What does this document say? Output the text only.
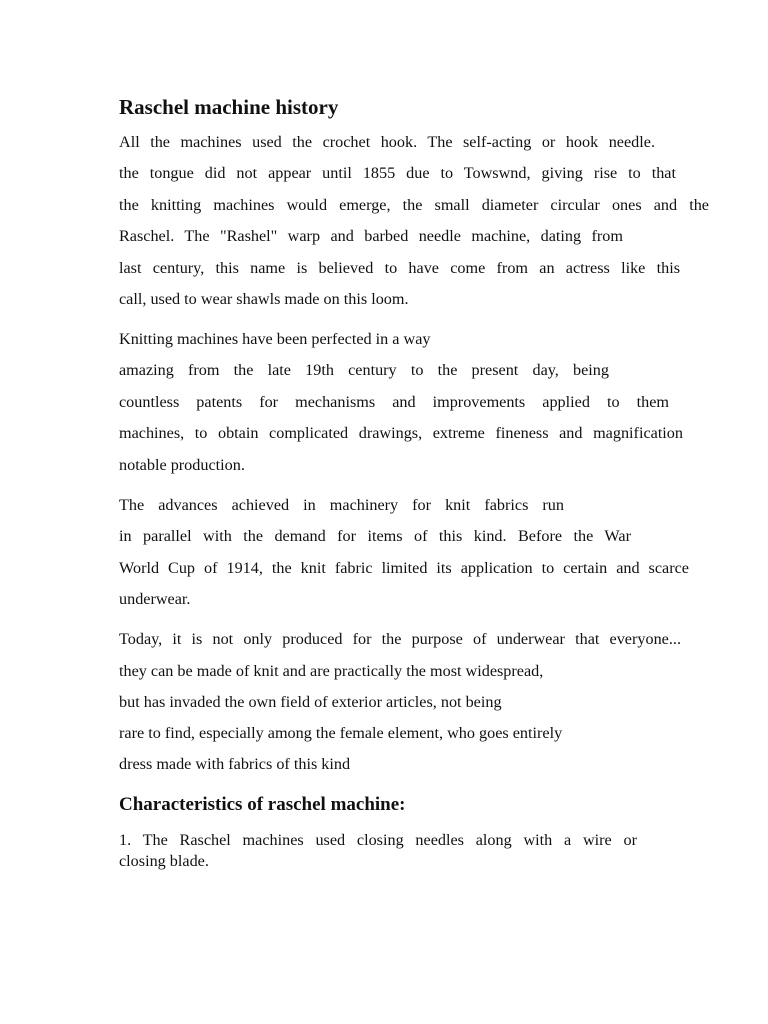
Raschel machine history

All the machines used the crochet hook. The self-acting or hook needle.

the tongue did not appear until 1855 due to Towswnd, giving rise to that

the knitting machines would emerge, the small diameter circular ones and the

Raschel. The "Rashel" warp and barbed needle machine, dating from

last century, this name is believed to have come from an actress like this

call, used to wear shawls made on this loom.

Knitting machines have been perfected in a way

amazing from the late 19th century to the present day, being

countless patents for mechanisms and improvements applied to them

machines, to obtain complicated drawings, extreme fineness and magnification

notable production.

The advances achieved in machinery for knit fabrics run

in parallel with the demand for items of this kind. Before the War

World Cup of 1914, the knit fabric limited its application to certain and scarce

underwear.

Today, it is not only produced for the purpose of underwear that everyone...

they can be made of knit and are practically the most widespread,

but has invaded the own field of exterior articles, not being

rare to find, especially among the female element, who goes entirely

dress made with fabrics of this kind

Characteristics of raschel machine:

1. The Raschel machines used closing needles along with a wire or

closing blade.
